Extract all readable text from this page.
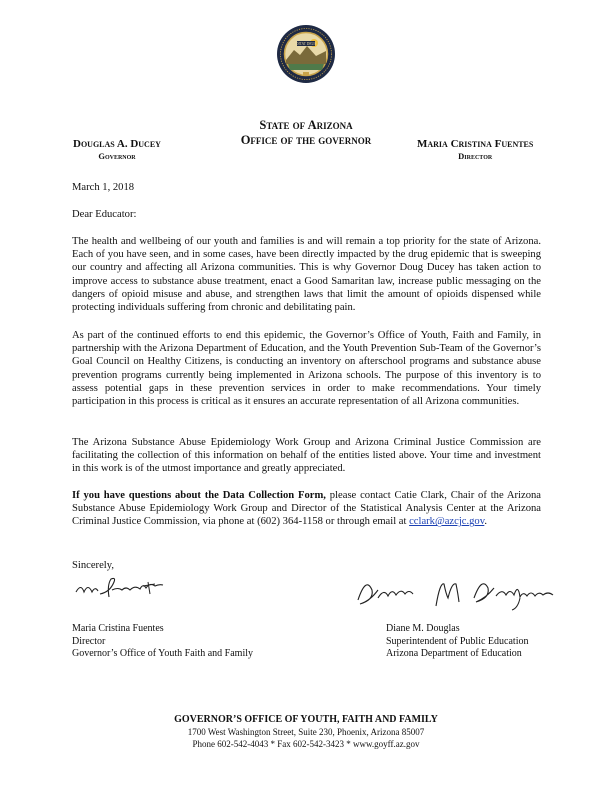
DITAT DEUS
State of Arizona
Office of the governor
Douglas A. Ducey
Governor
Maria Cristina Fuentes
Director
March 1, 2018
Dear Educator:
The health and wellbeing of our youth and families is and will remain a top priority for the state of Arizona. Each of you have seen, and in some cases, have been directly impacted by the drug epidemic that is sweeping our country and affecting all Arizona communities. This is why Governor Doug Ducey has taken action to improve access to substance abuse treatment, enact a Good Samaritan law, increase public messaging on the dangers of opioid misuse and abuse, and strengthen laws that limit the amount of opioids dispensed while protecting individuals suffering from chronic and debilitating pain.
As part of the continued efforts to end this epidemic, the Governor’s Office of Youth, Faith and Family, in partnership with the Arizona Department of Education, and the Youth Prevention Sub-Team of the Governor’s Goal Council on Healthy Citizens, is conducting an inventory on afterschool programs and substance abuse prevention programs currently being implemented in Arizona schools. The purpose of this inventory is to assess potential gaps in these prevention services in order to make recommendations. Your timely participation in this process is critical as it ensures an accurate representation of all Arizona communities.
The Arizona Substance Abuse Epidemiology Work Group and Arizona Criminal Justice Commission are facilitating the collection of this information on behalf of the entities listed above. Your time and investment in this work is of the utmost importance and greatly appreciated.
If you have questions about the Data Collection Form, please contact Catie Clark, Chair of the Arizona Substance Abuse Epidemiology Work Group and Director of the Statistical Analysis Center at the Arizona Criminal Justice Commission, via phone at (602) 364-1158 or through email at cclark@azcjc.gov.
Sincerely,
Maria Cristina Fuentes
Director
Governor’s Office of Youth Faith and Family
Diane M. Douglas
Superintendent of Public Education
Arizona Department of Education
GOVERNOR’S OFFICE OF YOUTH, FAITH AND FAMILY
1700 West Washington Street, Suite 230, Phoenix, Arizona 85007
Phone 602-542-4043 * Fax 602-542-3423 * www.goyff.az.gov
